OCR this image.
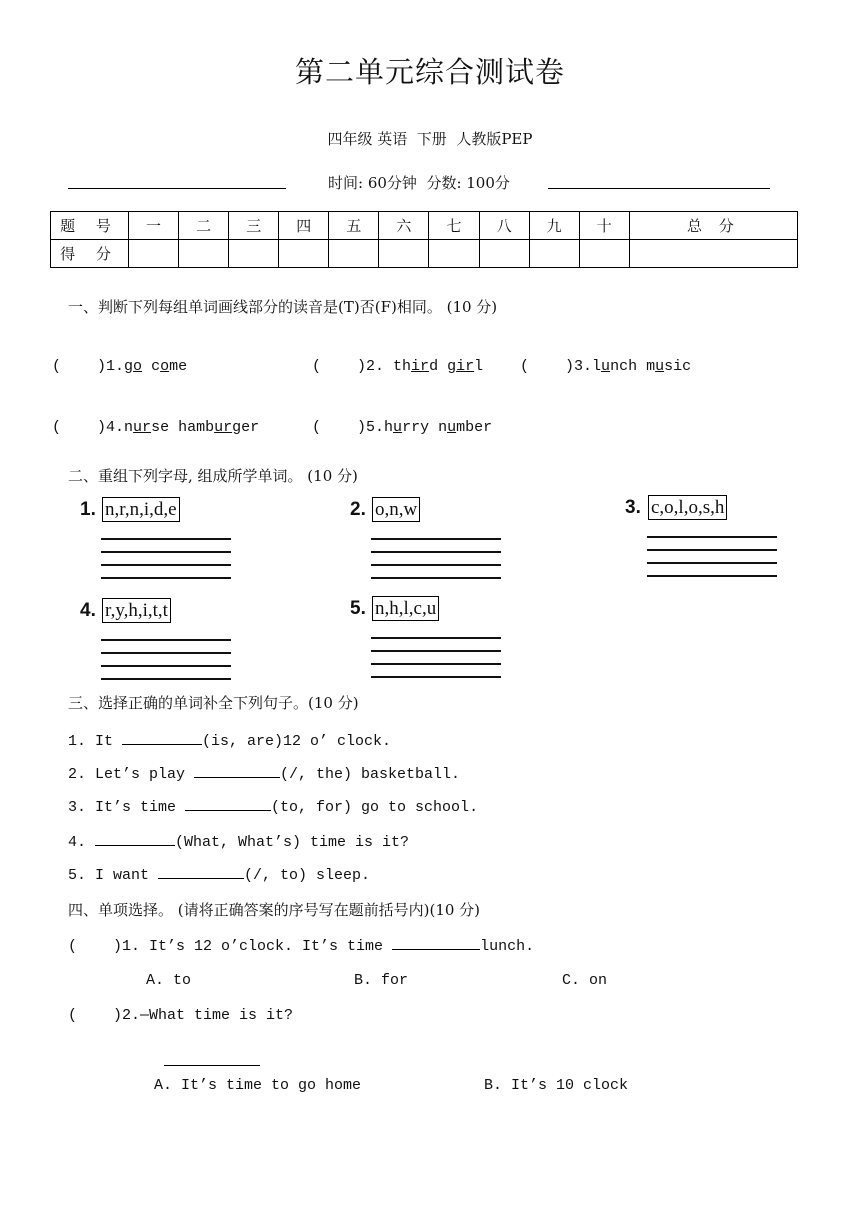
第二单元综合测试卷
四年级 英语  下册  人教版PEP
时间: 60分钟  分数: 100分
题 号	一	二	三	四	五	六	七	八	九	十	总 分
得 分											
一、判断下列每组单词画线部分的读音是(T)否(F)相同。 (10 分)
(    )1.go come	(    )2. third girl (    )3.lunch music
(    )4.nurse hamburger	(    )5.hurry number
二、重组下列字母, 组成所学单词。 (10 分)
1. n,r,n,i,d,e	2. o,n,w	3. c,o,l,o,s,h
4. r,y,h,i,t,t	5. n,h,l,c,u
三、选择正确的单词补全下列句子。(10 分)
1. It	(is, are)12 o’ clock.
2. Let’s play	(/, the) basketball.
3. It’s time	(to, for) go to school.
4.	(What, What’s) time is it?
5. I want	(/, to) sleep.
四、单项选择。 (请将正确答案的序号写在题前括号内)(10 分)
(    )1. It’s 12 o’clock. It’s time	lunch.
A. to	B. for	C. on
(    )2.—What time is it?
A. It’s time to go home	B. It’s 10 clock
